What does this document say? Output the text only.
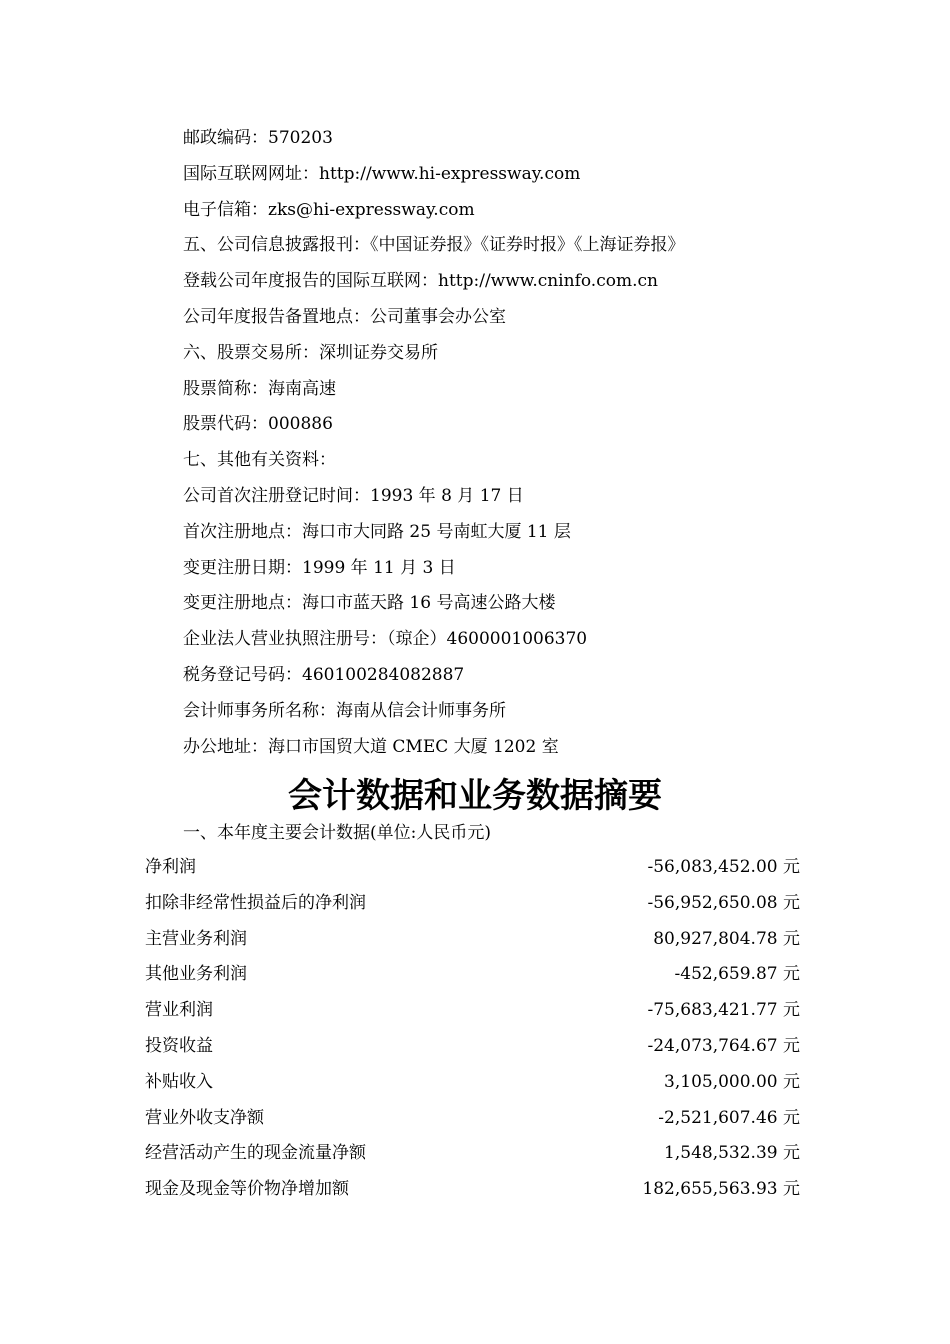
邮政编码：570203
国际互联网网址：http://www.hi-expressway.com
电子信箱：zks@hi-expressway.com
五、公司信息披露报刊：《中国证券报》《证券时报》《上海证券报》
登载公司年度报告的国际互联网：http://www.cninfo.com.cn
公司年度报告备置地点：公司董事会办公室
六、股票交易所：深圳证券交易所
股票简称：海南高速
股票代码：000886
七、其他有关资料：
公司首次注册登记时间：1993 年 8 月 17 日
首次注册地点：海口市大同路 25 号南虹大厦 11 层
变更注册日期：1999 年 11 月 3 日
变更注册地点：海口市蓝天路 16 号高速公路大楼
企业法人营业执照注册号：（琼企）4600001006370
税务登记号码：460100284082887
会计师事务所名称：海南从信会计师事务所
办公地址：海口市国贸大道 CMEC 大厦 1202 室
会计数据和业务数据摘要
一、本年度主要会计数据(单位:人民币元)
净利润	-56,083,452.00 元
扣除非经常性损益后的净利润	-56,952,650.08 元
主营业务利润	80,927,804.78 元
其他业务利润	-452,659.87 元
营业利润	-75,683,421.77 元
投资收益	-24,073,764.67 元
补贴收入	3,105,000.00 元
营业外收支净额	-2,521,607.46 元
经营活动产生的现金流量净额	1,548,532.39 元
现金及现金等价物净增加额	182,655,563.93 元
